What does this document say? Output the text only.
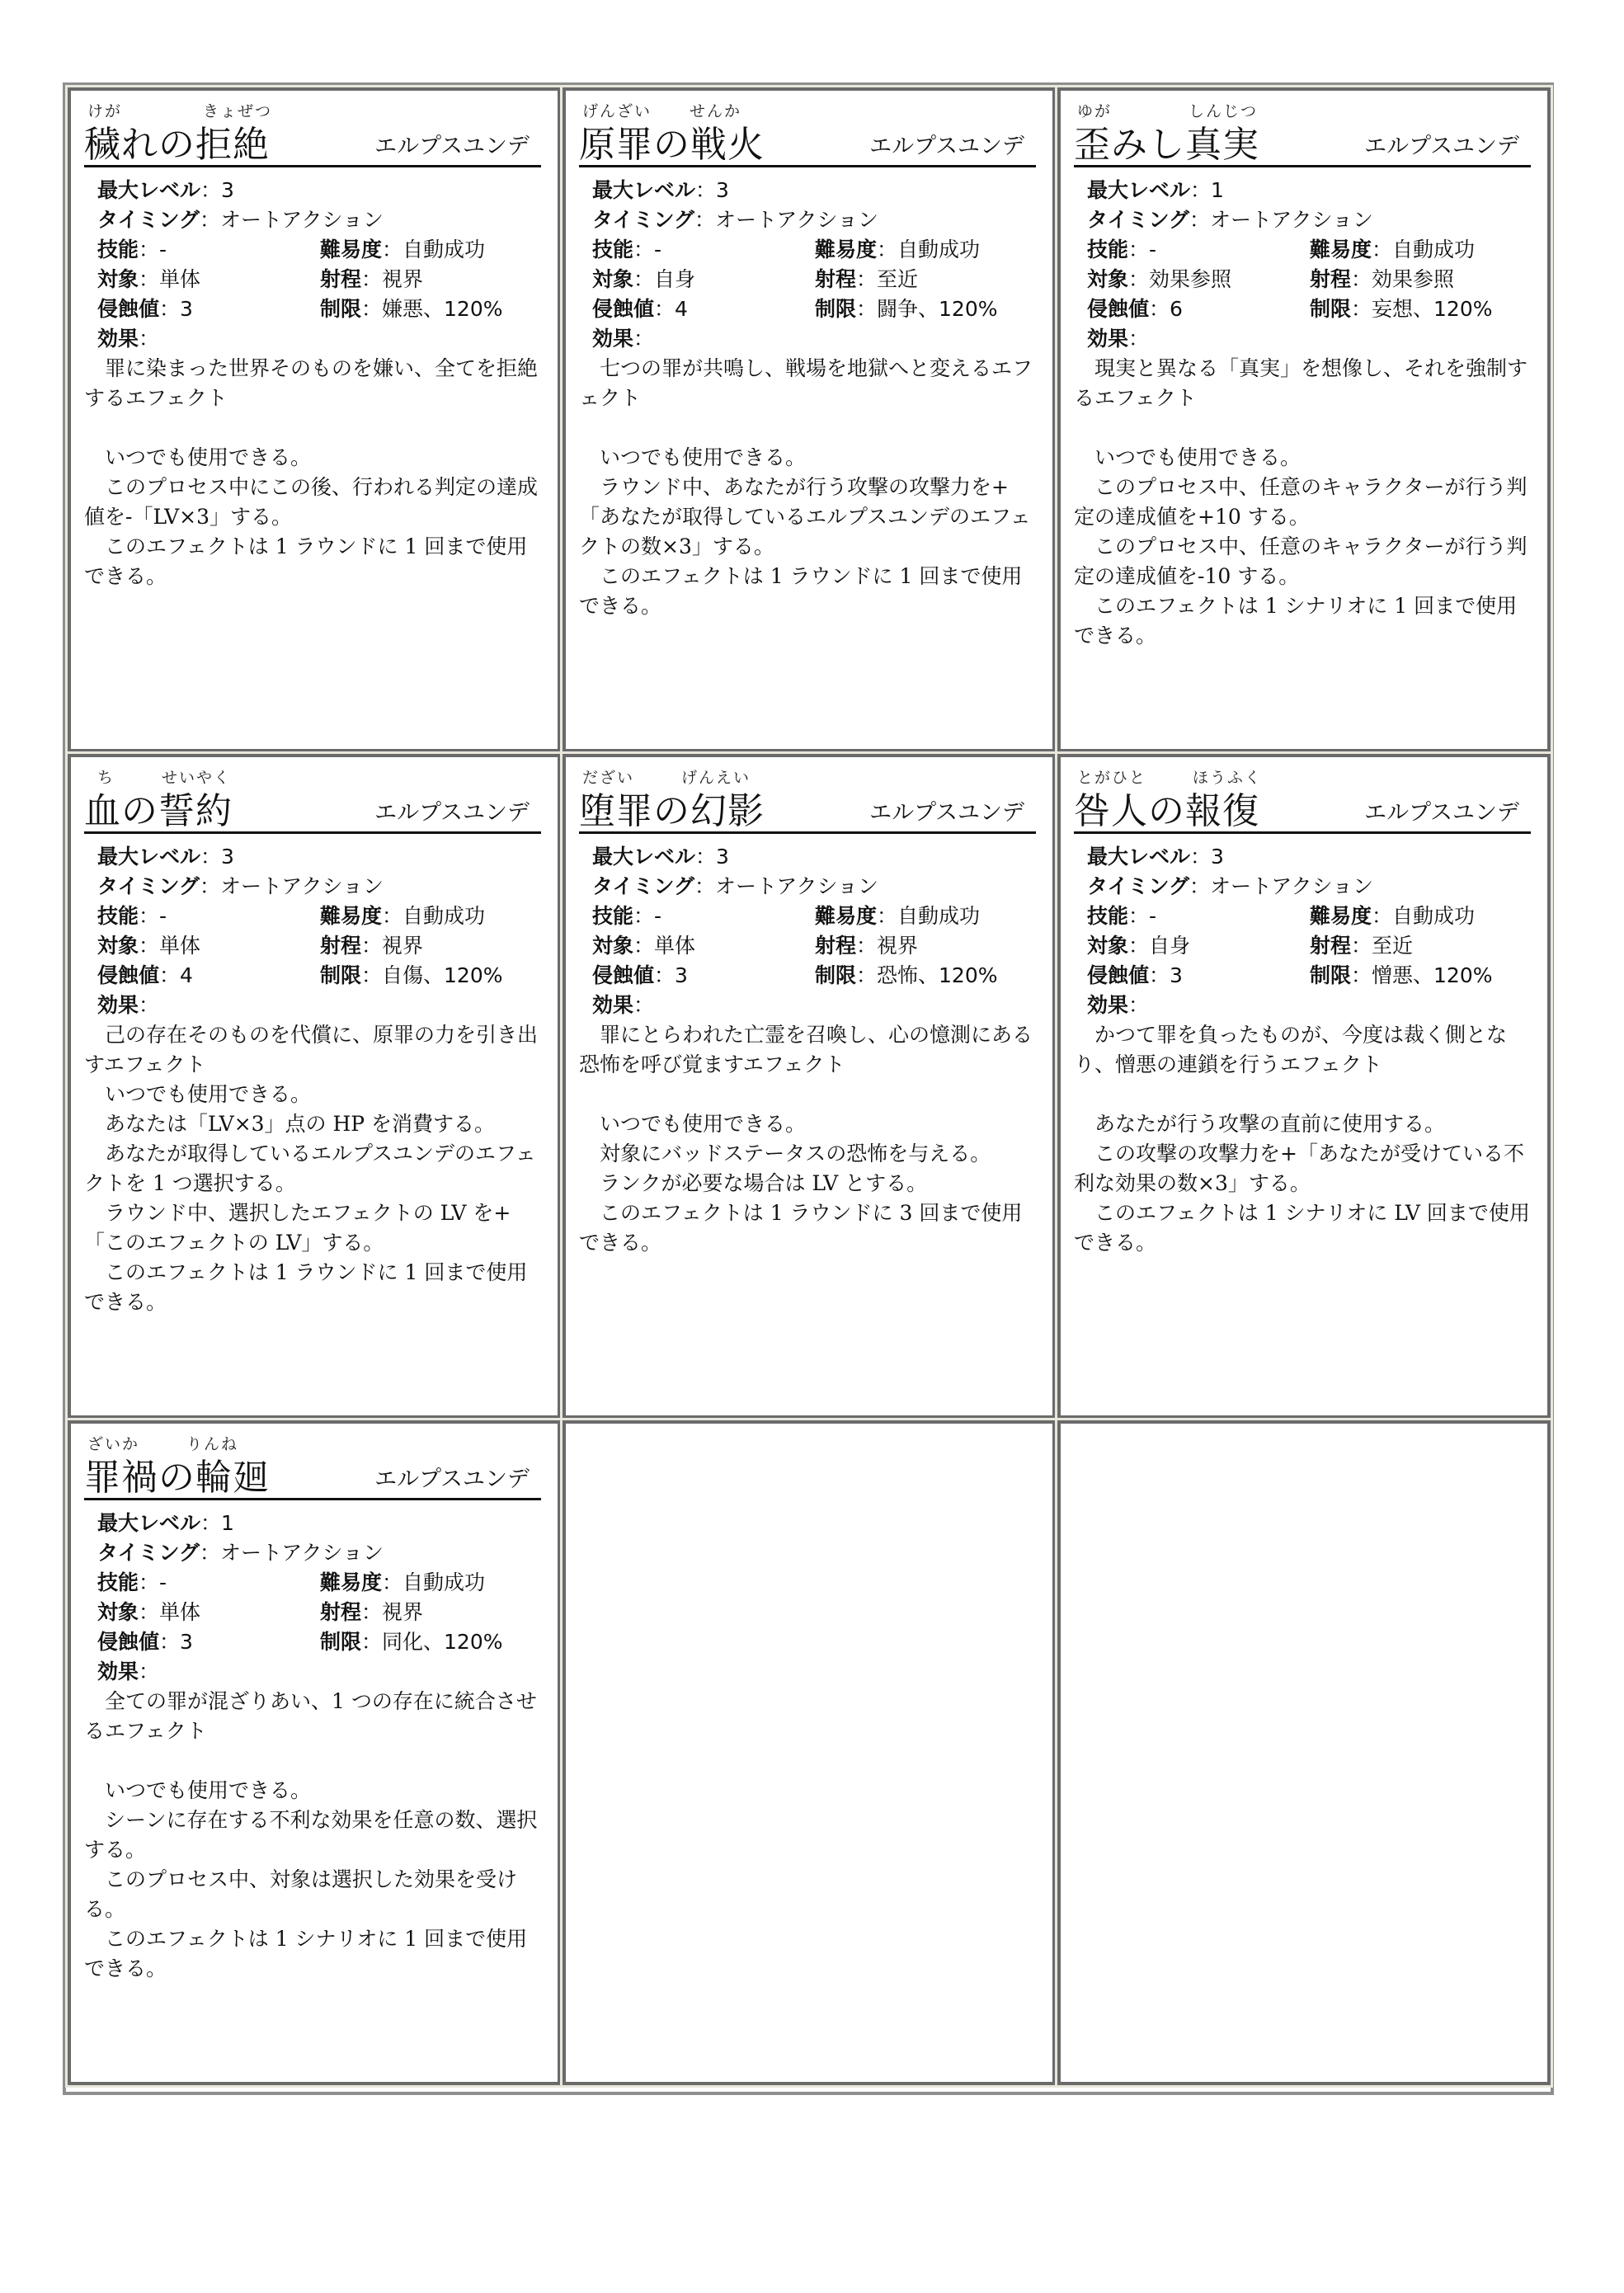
けが	きょぜつ
穢れの拒絶	エルプスユンデ
最大レベル：3
タイミング：オートアクション
技能：-	難易度：自動成功
対象：単体	射程：視界
侵蝕値：3	制限：嫌悪、120%
効果 ：

　罪に染まった世界そのものを嫌い、全てを拒絶するエフェクト

　いつでも使用できる。

　このプロセス中にこの後、行われる判定の達成値を-「LV×3」する。

　このエフェクトは 1 ラウンドに 1 回まで使用できる。

げんざい せんか
原罪の戦火	エルプスユンデ
最大レベル：3
タイミング：オートアクション
技能：-	難易度：自動成功
対象：自身	射程：至近
侵蝕値：4	制限：闘争、120%
効果 ：

　七つの罪が共鳴し、戦場を地獄へと変えるエフェクト

　いつでも使用できる。

　ラウンド中、あなたが行う攻撃の攻撃力を+「あなたが取得しているエルプスユンデのエフェクトの数×3」する。

　このエフェクトは 1 ラウンドに 1 回まで使用できる。

ゆが	しんじつ
歪みし真実	エルプスユンデ
最大レベル：1
タイミング：オートアクション
技能：-	難易度：自動成功
対象：効果参照	射程：効果参照
侵蝕値：6	制限：妄想、120%
効果 ：

　現実と異なる「真実」を想像し、それを強制するエフェクト

　いつでも使用できる。

　このプロセス中、任意のキャラクターが行う判定の達成値を+10 する。

　このプロセス中、任意のキャラクターが行う判定の達成値を-10 する。

　このエフェクトは 1 シナリオに 1 回まで使用できる。

ち	せいやく
血の誓約	エルプスユンデ
最大レベル：3
タイミング：オートアクション
技能：-	難易度：自動成功
対象：単体	射程：視界
侵蝕値：4	制限：自傷、120%
効果 ：

　己の存在そのものを代償に、原罪の力を引き出すエフェクト

　いつでも使用できる。

　あなたは「LV×3」点の HP を消費する。

　あなたが取得しているエルプスユンデのエフェクトを 1 つ選択する。

　ラウンド中、選択したエフェクトの LV を+「このエフェクトの LV」する。

　このエフェクトは 1 ラウンドに 1 回まで使用できる。

だざい	げんえい
堕罪の幻影	エルプスユンデ
最大レベル：3
タイミング：オートアクション
技能：-	難易度：自動成功
対象：単体	射程：視界
侵蝕値：3	制限：恐怖、120%
効果 ：

　罪にとらわれた亡霊を召喚し、心の憶測にある恐怖を呼び覚ますエフェクト

　いつでも使用できる。

　対象にバッドステータスの恐怖を与える。

　ランクが必要な場合は LV とする。

　このエフェクトは 1 ラウンドに 3 回まで使用できる。

とがひと	ほうふく
咎人の報復	エルプスユンデ
最大レベル：3
タイミング：オートアクション
技能：-	難易度：自動成功
対象：自身	射程：至近
侵蝕値：3	制限：憎悪、120%
効果 ：

　かつて罪を負ったものが、今度は裁く側となり、憎悪の連鎖を行うエフェクト

　あなたが行う攻撃の直前に使用する。

　この攻撃の攻撃力を+「あなたが受けている不利な効果の数×3」する。

　このエフェクトは 1 シナリオに LV 回まで使用できる。

ざいか	りんね
罪禍の輪廻	エルプスユンデ
最大レベル：1
タイミング：オートアクション
技能：-	難易度：自動成功
対象：単体	射程：視界
侵蝕値：3	制限：同化、120%
効果 ：

　全ての罪が混ざりあい、1 つの存在に統合させるエフェクト

　いつでも使用できる。

　シーンに存在する不利な効果を任意の数、選択する。

　このプロセス中、対象は選択した効果を受ける。

　このエフェクトは 1 シナリオに 1 回まで使用できる。
